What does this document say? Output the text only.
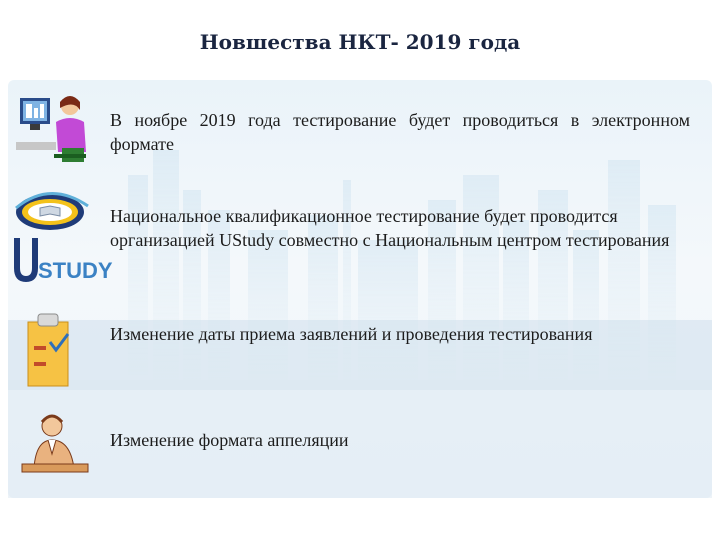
Новшества НКТ- 2019 года
В ноябре 2019 года тестирование будет проводиться в электронном формате
STUDY
Национальное квалификационное тестирование будет проводится организацией UStudy совместно с Национальным центром тестирования
Изменение даты приема заявлений и проведения тестирования
Изменение формата аппеляции
